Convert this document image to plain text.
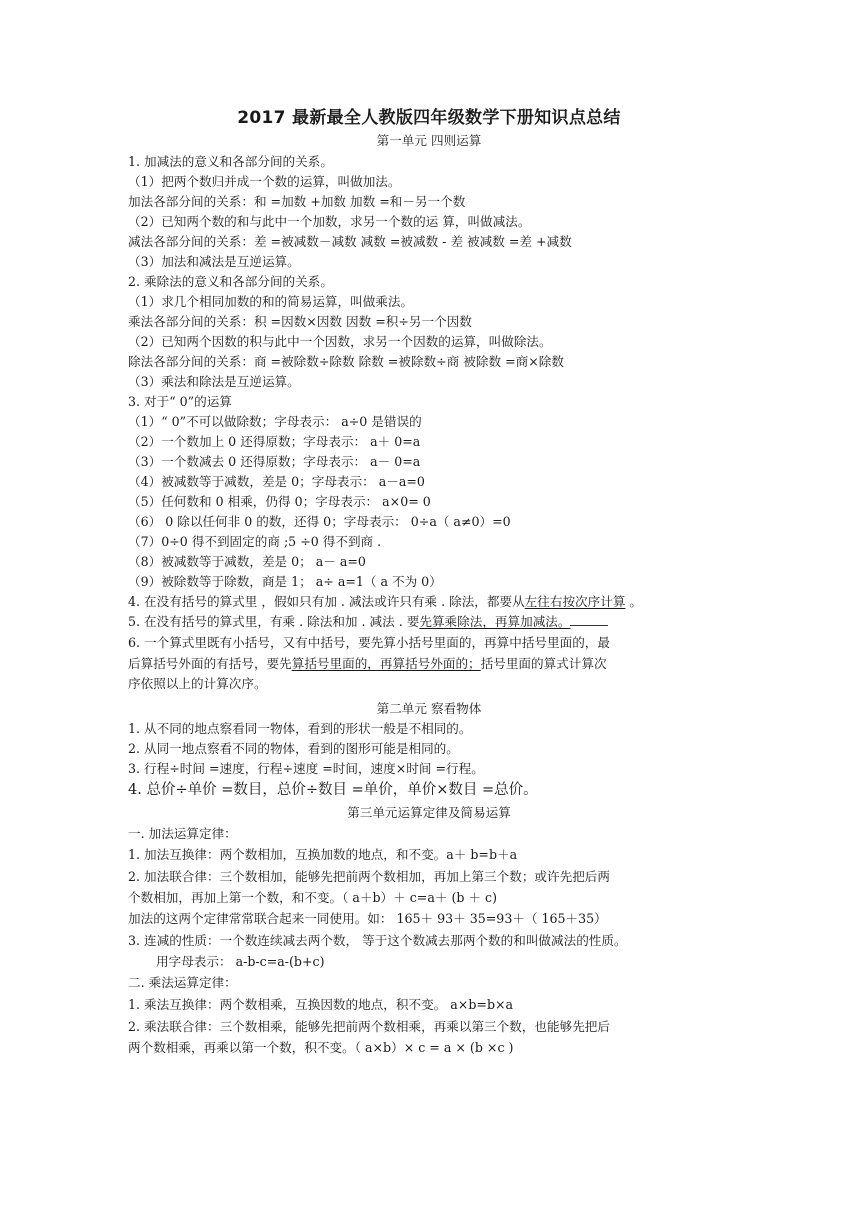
2017 最新最全人教版四年级数学下册知识点总结
第一单元 四则运算
1. 加减法的意义和各部分间的关系。
（1）把两个数归并成一个数的运算，叫做加法。
加法各部分间的关系：和 =加数 +加数 加数 =和－另一个数
（2）已知两个数的和与此中一个加数，求另一个数的运 算，叫做减法。
减法各部分间的关系：差 =被减数－减数 减数 =被减数 - 差 被减数 =差 +减数
（3）加法和减法是互逆运算。
2. 乘除法的意义和各部分间的关系。
（1）求几个相同加数的和的简易运算，叫做乘法。
乘法各部分间的关系：积 =因数×因数 因数 =积÷另一个因数
（2）已知两个因数的积与此中一个因数，求另一个因数的运算，叫做除法。
除法各部分间的关系：商 =被除数÷除数 除数 =被除数÷商 被除数 =商×除数
（3）乘法和除法是互逆运算。
3. 对于“ 0”的运算
（1）“ 0”不可以做除数；字母表示： a÷0 是错误的
（2）一个数加上 0 还得原数；字母表示： a＋ 0=a
（3）一个数减去 0 还得原数；字母表示： a－ 0=a
（4）被减数等于减数，差是 0；字母表示： a－a=0
（5）任何数和 0 相乘，仍得 0；字母表示： a×0= 0
（6） 0 除以任何非 0 的数，还得 0；字母表示： 0÷a（ a≠0）=0
（7）0÷0 得不到固定的商 ;5 ÷0 得不到商 .
（8）被减数等于减数，差是 0； a－ a=0
（9）被除数等于除数，商是 1； a÷ a=1（ a 不为 0）
4. 在没有括号的算式里 ，假如只有加 . 减法或许只有乘 . 除法，都要从左往右按次序计算 。
5. 在没有括号的算式里，有乘 . 除法和加 . 减法 . 要先算乘除法，再算加减法。
6. 一个算式里既有小括号，又有中括号，要先算小括号里面的，再算中括号里面的，最
后算括号外面的有括号，要先算括号里面的，再算括号外面的；括号里面的算式计算次
序依照以上的计算次序。
第二单元 察看物体
1. 从不同的地点察看同一物体，看到的形状一般是不相同的。
2. 从同一地点察看不同的物体，看到的图形可能是相同的。
3. 行程÷时间 =速度，行程÷速度 =时间，速度×时间 =行程。
4. 总价÷单价 =数目，总价÷数目 =单价，单价×数目 =总价。
第三单元运算定律及简易运算
一. 加法运算定律：
1. 加法互换律：两个数相加，互换加数的地点，和不变。a＋ b=b＋a
2. 加法联合律：三个数相加，能够先把前两个数相加，再加上第三个数；或许先把后两
个数相加，再加上第一个数，和不变。（ a＋b）＋ c=a＋ (b ＋ c)
加法的这两个定律常常联合起来一同使用。如： 165＋ 93＋ 35=93＋（ 165＋35）
3. 连减的性质：一个数连续减去两个数， 等于这个数减去那两个数的和叫做减法的性质。
用字母表示： a-b-c=a-(b+c)
二. 乘法运算定律：
1. 乘法互换律：两个数相乘，互换因数的地点，积不变。 a×b=b×a
2. 乘法联合律：三个数相乘，能够先把前两个数相乘，再乘以第三个数，也能够先把后
两个数相乘，再乘以第一个数，积不变。（ a×b）× c = a × (b ×c )
